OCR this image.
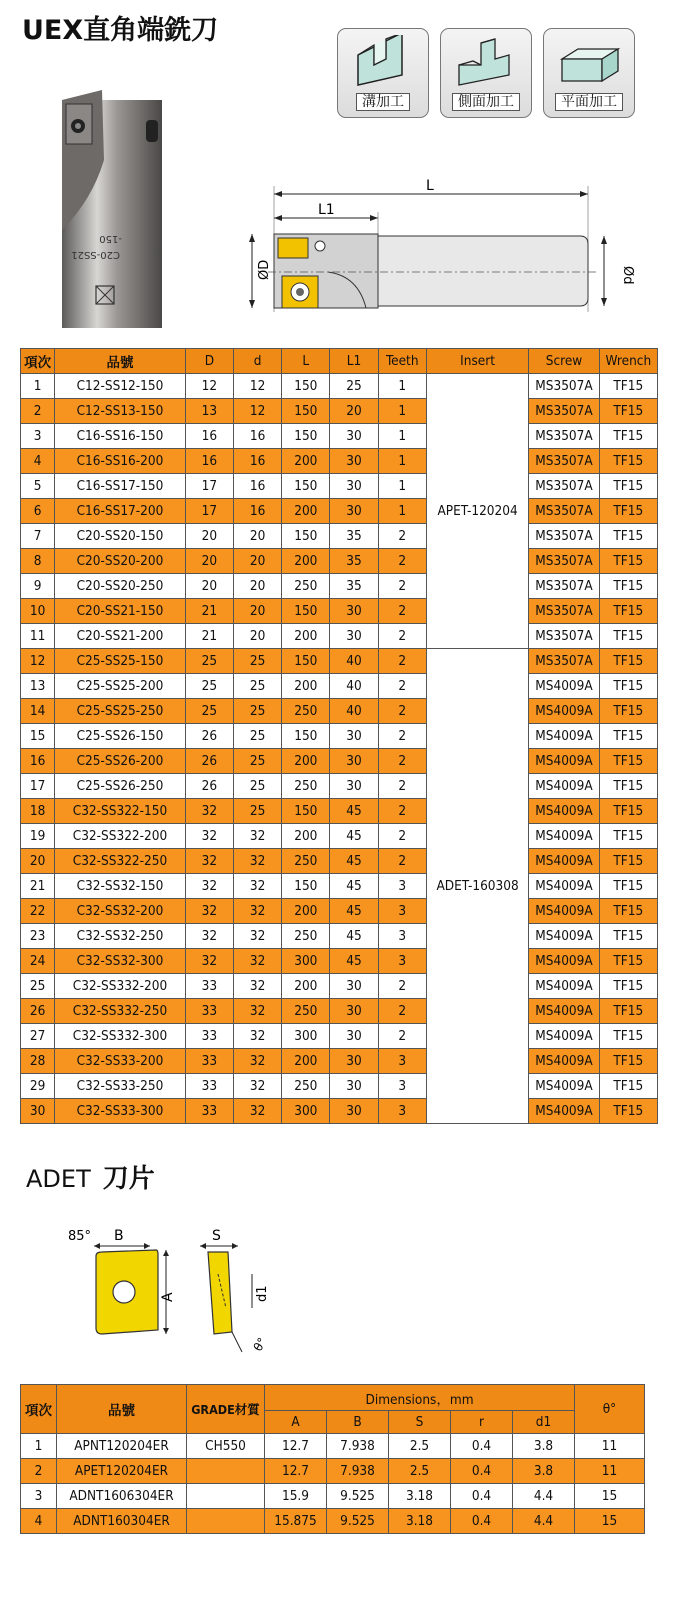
UEX直角端銑刀
溝加工	側面加工	平面加工
C20-SS21
-150
L
L1
ØD	Ød
項次	品號	D	d	L	L1	Teeth	Insert	Screw	Wrench
1	C12-SS12-150	12	12	150	25	1	APET-120204	MS3507A	TF15
2	C12-SS13-150	13	12	150	20	1		MS3507A	TF15
3	C16-SS16-150	16	16	150	30	1		MS3507A	TF15
4	C16-SS16-200	16	16	200	30	1		MS3507A	TF15
5	C16-SS17-150	17	16	150	30	1		MS3507A	TF15
6	C16-SS17-200	17	16	200	30	1		MS3507A	TF15
7	C20-SS20-150	20	20	150	35	2		MS3507A	TF15
8	C20-SS20-200	20	20	200	35	2		MS3507A	TF15
9	C20-SS20-250	20	20	250	35	2		MS3507A	TF15
10	C20-SS21-150	21	20	150	30	2		MS3507A	TF15
11	C20-SS21-200	21	20	200	30	2		MS3507A	TF15
12	C25-SS25-150	25	25	150	40	2	ADET-160308	MS3507A	TF15
13	C25-SS25-200	25	25	200	40	2		MS4009A	TF15
14	C25-SS25-250	25	25	250	40	2		MS4009A	TF15
15	C25-SS26-150	26	25	150	30	2		MS4009A	TF15
16	C25-SS26-200	26	25	200	30	2		MS4009A	TF15
17	C25-SS26-250	26	25	250	30	2		MS4009A	TF15
18	C32-SS322-150	32	25	150	45	2		MS4009A	TF15
19	C32-SS322-200	32	32	200	45	2		MS4009A	TF15
20	C32-SS322-250	32	32	250	45	2		MS4009A	TF15
21	C32-SS32-150	32	32	150	45	3		MS4009A	TF15
22	C32-SS32-200	32	32	200	45	3		MS4009A	TF15
23	C32-SS32-250	32	32	250	45	3		MS4009A	TF15
24	C32-SS32-300	32	32	300	45	3		MS4009A	TF15
25	C32-SS332-200	33	32	200	30	2		MS4009A	TF15
26	C32-SS332-250	33	32	250	30	2		MS4009A	TF15
27	C32-SS332-300	33	32	300	30	2		MS4009A	TF15
28	C32-SS33-200	33	32	200	30	3		MS4009A	TF15
29	C32-SS33-250	33	32	250	30	3		MS4009A	TF15
30	C32-SS33-300	33	32	300	30	3		MS4009A	TF15
ADET 刀片
85° B
A
S
d1
θ°
項次	品號	GRADE材質	Dimensions，mm					θ°
			A	B	S	r	d1	
1	APNT120204ER	CH550	12.7	7.938	2.5	0.4	3.8	11
2	APET120204ER		12.7	7.938	2.5	0.4	3.8	11
3	ADNT1606304ER		15.9	9.525	3.18	0.4	4.4	15
4	ADNT160304ER		15.875	9.525	3.18	0.4	4.4	15
